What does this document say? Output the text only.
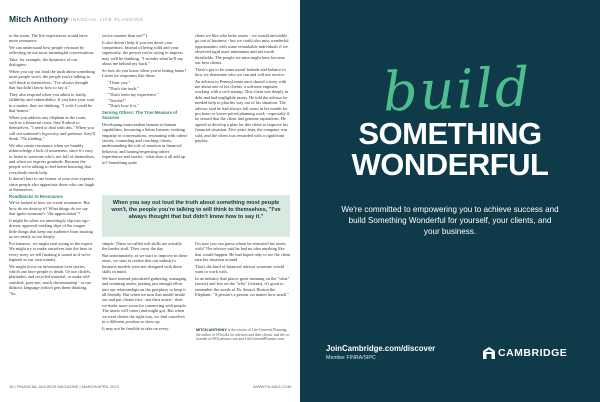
Mitch Anthony FINANCIAL LIFE PLANNING

to the room. The life experiences would have more resonance.

We can understand how people resonate by reflecting on our most meaningful conversations.

Take, for example, the dynamics of our dialogues:

When you say out loud the truth about something most people won't, the people you're talking to will think to themselves, "I've always thought that but didn't know how to say it."

They also respond when you admit to frailty, fallibility and vulnerability. If you bare your soul in a matter, they are thinking, "I wish I could be that honest."

When you address any elephant in the room, such as a financial crisis, they'll admit to themselves, "I need to deal with this." When you call out someone's hypocrisy and pretense, they'll think, "No kidding."

We also create resonance when we humbly acknowledge a lack of awareness, since it's easy to listen to someone who's not full of themselves, and when we express gratitude. Because the people we're talking to feel better knowing that everybody needs help.

It doesn't hurt to use humor at your own expense, since people also appreciate those who can laugh at themselves.

Roadblocks to Resonance

We've looked at how we create resonance. But how do we destroy it? What things do we say that ignite someone's "dis-appreciation"?

It might be when we unwittingly slip into ego-driven, approval-seeking slips of the tongue, little things that keep our audience from trusting us too easily or too deeply.

For instance, we might start acting as the expert. We might try to make ourselves into the hero in every story we tell (making it sound as if we're legends in our own minds).

We might focus on information over stories, which can bore people to death. Or use clichés, platitudes, and recycled material, or make self-satisfied, poor-me, much showmanship - or use didactic language (which gets them thinking, "So,

you're smarter than me?")

It also doesn't help if you run down your competitors. Instead of being solid and your superiority, the person you're trying to impress may well be thinking, "I wonder what he'll say about me behind my back."

So how do you know when you're hitting home? Listen for responses like these:

"I hear you."

"That's the truth."

"That's been my experience."

"Touché!"

"That's how it is."

Serving Others: The True Measure of Success

Developing transcendent human-to-human capabilities, becoming a better listener, evoking empathy in conversations, resonating with others' stories, counseling and coaching clients, understanding the role of emotion in financial behavior, and honing/respecting others' experiences and stories - what does it all add up to? Something quite

client we like who lacks assets - we would inevitably go out of business - but we could also miss wonderful opportunities with some remarkable individuals if we observed rigid asset minimums and net worth thresholds. The people we miss might have become our best clients.

There's got to be some moral latitude and balance in how we determine who we can and will not service.

An advisor in Pennsylvania once shared a story with me about one of his clients, a software engineer working with a tech startup. This client was deeply in debt and had negligible assets. He told the advisor he needed help to plan his way out of his situation. The advisor said he had always left room in his month for pro bono or lower-priced planning work - especially if he sensed that the client had genuine aspirations. He agreed to develop a plan for this client to improve his financial situation. Five years later, the company was sold, and the client was rewarded with a significant payday.

When you say out loud the truth about something most people won't, the people you're talking to will think to themselves, "I've always thought that but didn't know how to say it."

simple. These so-called soft skills are actually the harder stuff. They carry the day.

But unfortunately, as we start to improve in these areas, we start to realize that our industry's business models were not designed with these skills in mind.

We have instead prioritized gathering, managing and retaining assets, putting just enough effort into our relationships on the periphery to keep it all friendly. But when we turn that model inside out and put clients first - not their assets - then we make more room for connecting with people. The assets will come (and might go). But when we treat clients the right way, we find ourselves in a different position to show up.

It may not be feasible to take on every

I'm sure you can guess whom he entrusted his assets with? The advisor said he had no idea anything like that would happen. He had hoped only to see the client turn his situation around.

That's the kind of financial advisor someone would want to work with.

In an industry that places great meaning on the "what" (assets) and less on the "who" (clients), it's good to remember the words of Dr. Seuss's Horton the Elephant: "A person's a person, no matter how small."

MITCH ANTHONY is the creator of Life-Centered Planning, the author of 18 books for advisors and their clients, and the co-founder of ROLadvisor.com and LifeCenteredPlanners.com.

18 | FINANCIAL ADVISOR MAGAZINE | MARCH/APRIL 2024	WWW.FA-MAG.COM
build
SOMETHING
WONDERFUL
We're committed to empowering you to achieve success and build Something Wonderful for yourself, your clients, and your business.
JoinCambridge.com/discover
Member FINRA/SIPC	CAMBRIDGE
